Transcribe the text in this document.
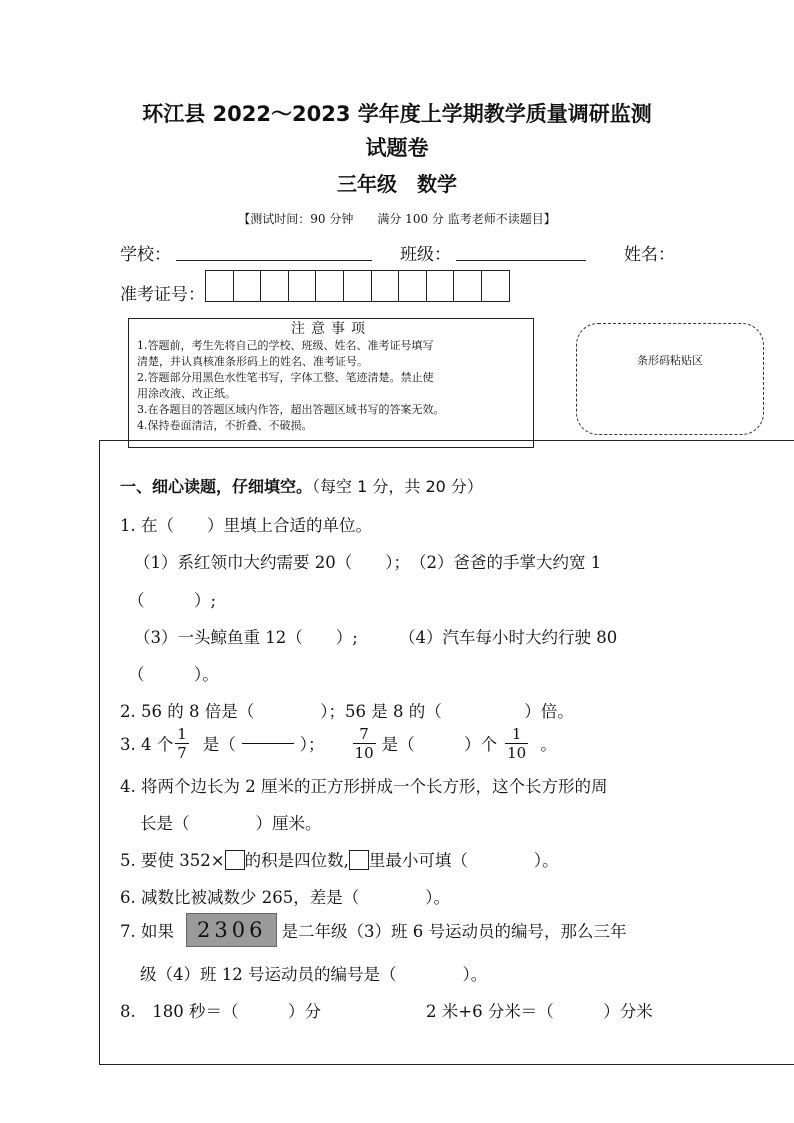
环江县 2022～2023 学年度上学期教学质量调研监测
试题卷
三年级　数学
【测试时间：90 分钟　　满分 100 分 监考老师不读题目】
学校：	班级：	姓名：
准考证号：
注意事项
1.答题前，考生先将自己的学校、班级、姓名、准考证号填写
清楚，并认真核准条形码上的姓名、准考证号。
2.答题部分用黑色水性笔书写，字体工整、笔迹清楚。禁止使
用涂改液、改正纸。
3.在各题目的答题区域内作答，超出答题区域书写的答案无效。
4.保持卷面清洁，不折叠、不破损。
条形码粘贴区
一、细心读题，仔细填空。（每空 1 分，共 20 分）
1. 在（　　）里填上合适的单位。
（1）系红领巾大约需要 20（　　）；　（2）爸爸的手掌大约宽 1
（　　　）;
（3）一头鲸鱼重 12（　　）;　　　（4）汽车每小时大约行驶 80
（　　　）。
2. 56 的 8 倍是（　　　　）；56 是 8 的（　　　　　）倍。
3. 4 个 $\frac{1}{7}$ 是（	）； $\frac{7}{10}$ 是（　　　）个 $\frac{1}{10}$ 。
4. 将两个边长为 2 厘米的正方形拼成一个长方形，这个长方形的周
长是（　　　　）厘米。
5. 要使 352× 的积是四位数, 里最小可填（　　　　）。
6. 减数比被减数少 265，差是（　　　　）。
7. 如果	2306 是二年级（3）班 6 号运动员的编号，那么三年
级（4）班 12 号运动员的编号是（　　　　）。
8.　180 秒＝（　　　）分	2 米+6 分米＝（　　　）分米
